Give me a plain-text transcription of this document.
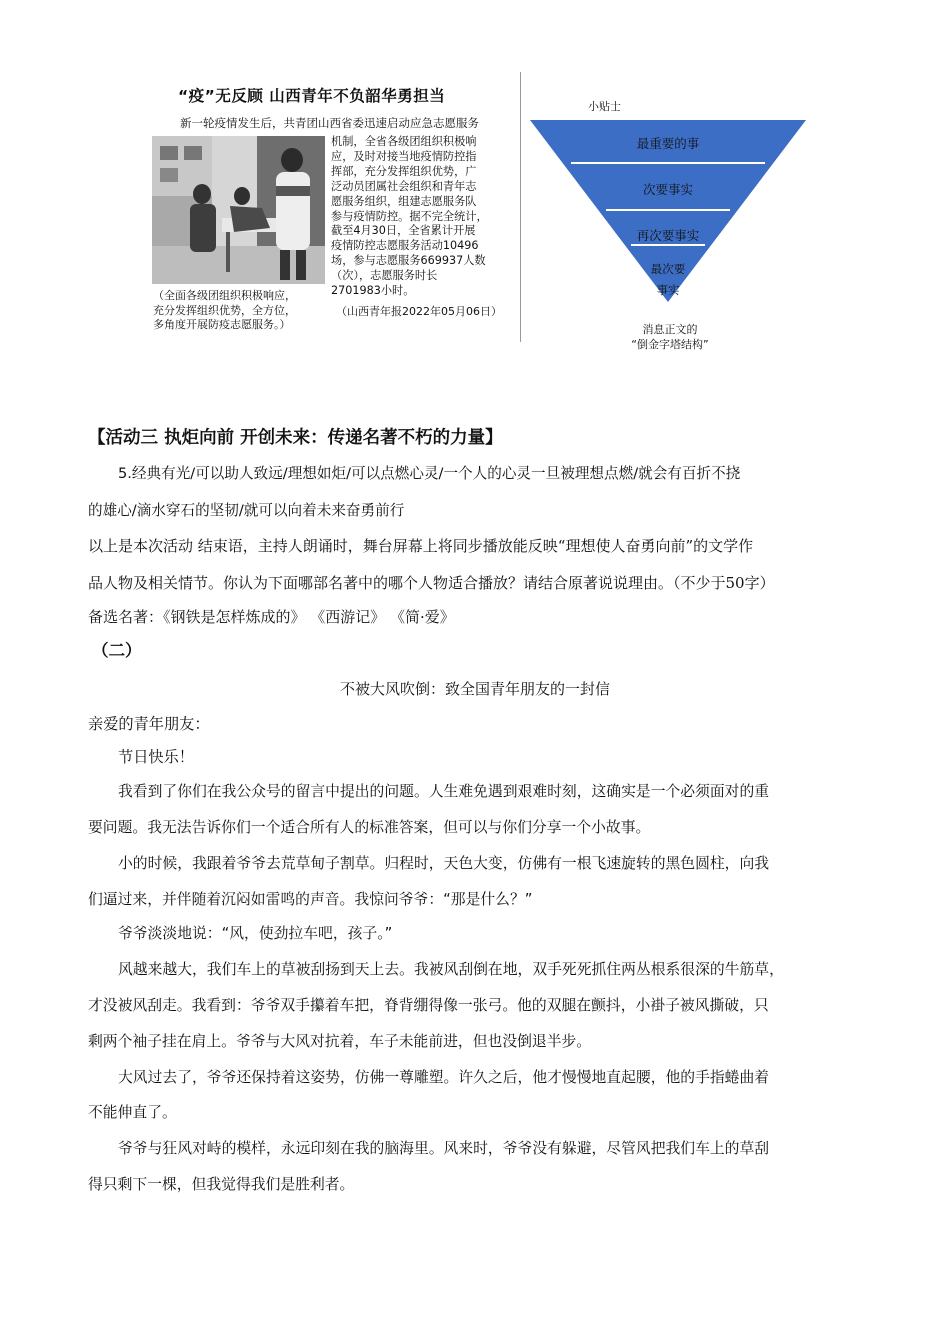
“疫”无反顾 山西青年不负韶华勇担当
新一轮疫情发生后，共青团山西省委迅速启动应急志愿服务

机制，全省各级团组织积极响

应，及时对接当地疫情防控指

挥部，充分发挥组织优势，广

泛动员团属社会组织和青年志

愿服务组织，组建志愿服务队

参与疫情防控。据不完全统计，

截至4月30日，全省累计开展

疫情防控志愿服务活动10496

场，参与志愿服务669937人数

（次），志愿服务时长

2701983小时。

（全面各级团组织积极响应，

充分发挥组织优势，全方位，

多角度开展防疫志愿服务。）

（山西青年报2022年05月06日）
小贴士
最重要的事
次要事实
再次要事实
最次要
事实

消息正文的

“倒金字塔结构”

【活动三 执炬向前 开创未来：传递名著不朽的力量】
5.经典有光/可以助人致远/理想如炬/可以点燃心灵/一个人的心灵一旦被理想点燃/就会有百折不挠
的雄心/滴水穿石的坚韧/就可以向着未来奋勇前行
以上是本次活动 结束语，主持人朗诵时，舞台屏幕上将同步播放能反映“理想使人奋勇向前”的文学作
品人物及相关情节。你认为下面哪部名著中的哪个人物适合播放？请结合原著说说理由。（不少于50字）
备选名著：《钢铁是怎样炼成的》 《西游记》 《简·爱》
（二）
不被大风吹倒：致全国青年朋友的一封信
亲爱的青年朋友：
节日快乐！
我看到了你们在我公众号的留言中提出的问题。人生难免遇到艰难时刻，这确实是一个必须面对的重
要问题。我无法告诉你们一个适合所有人的标准答案，但可以与你们分享一个小故事。
小的时候，我跟着爷爷去荒草甸子割草。归程时，天色大变，仿佛有一根飞速旋转的黑色圆柱，向我
们逼过来，并伴随着沉闷如雷鸣的声音。我惊问爷爷：“那是什么？”
爷爷淡淡地说：“风，使劲拉车吧，孩子。”
风越来越大，我们车上的草被刮扬到天上去。我被风刮倒在地，双手死死抓住两丛根系很深的牛筋草，
才没被风刮走。我看到：爷爷双手攥着车把，脊背绷得像一张弓。他的双腿在颤抖，小褂子被风撕破，只
剩两个袖子挂在肩上。爷爷与大风对抗着，车子未能前进，但也没倒退半步。
大风过去了，爷爷还保持着这姿势，仿佛一尊雕塑。许久之后，他才慢慢地直起腰，他的手指蜷曲着
不能伸直了。
爷爷与狂风对峙的模样，永远印刻在我的脑海里。风来时，爷爷没有躲避，尽管风把我们车上的草刮
得只剩下一棵，但我觉得我们是胜利者。
